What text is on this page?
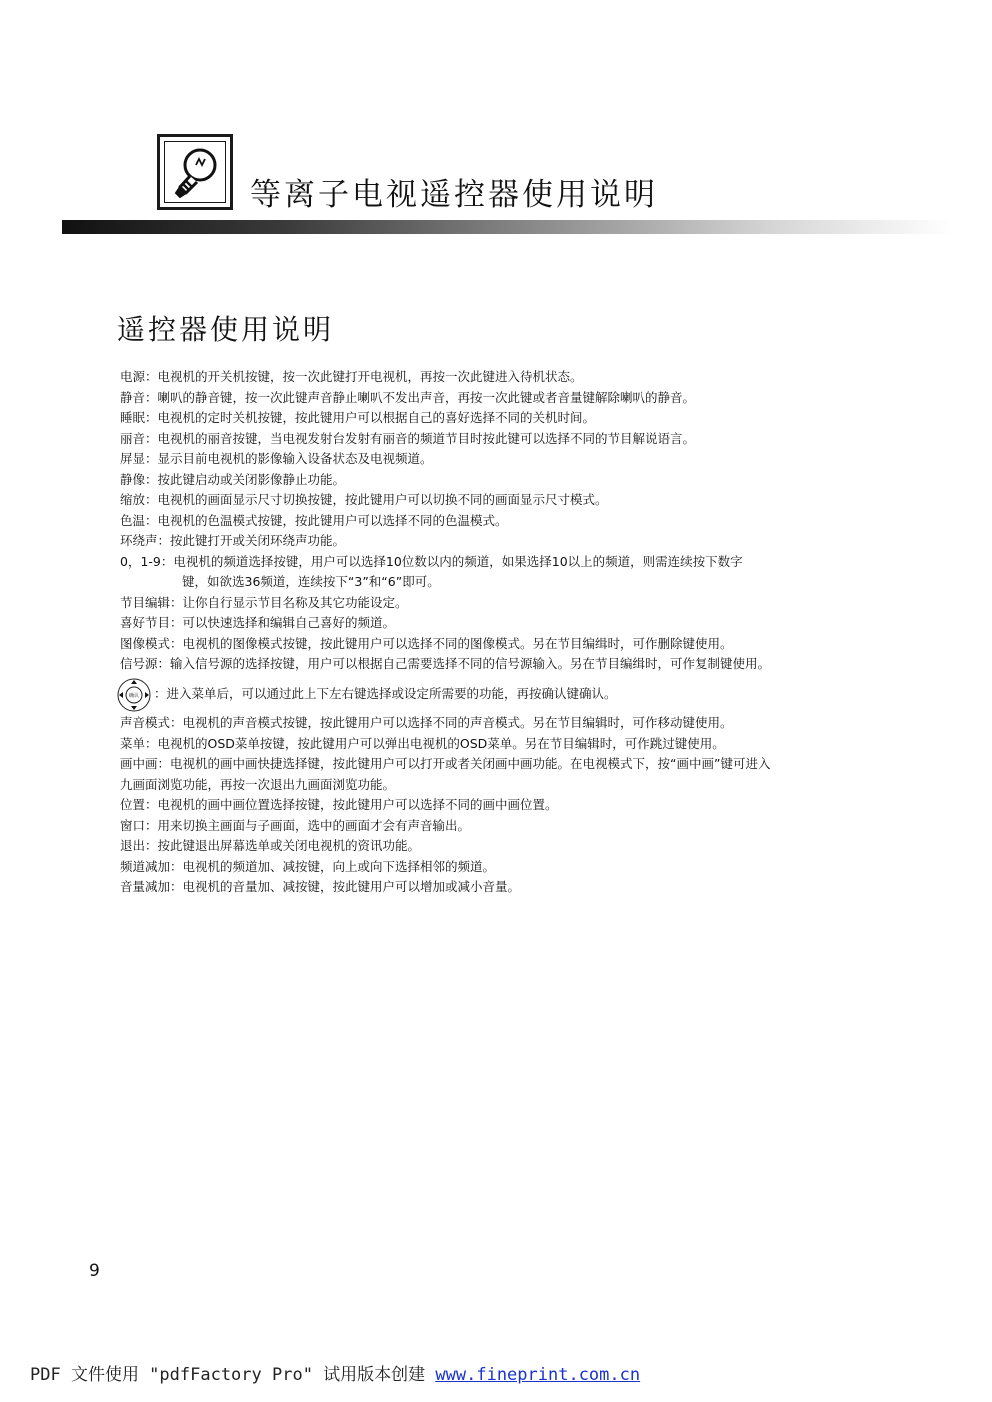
等离子电视遥控器使用说明
遥控器使用说明
电源：电视机的开关机按键，按一次此键打开电视机，再按一次此键进入待机状态。
静音：喇叭的静音键，按一次此键声音静止喇叭不发出声音，再按一次此键或者音量键解除喇叭的静音。
睡眠：电视机的定时关机按键，按此键用户可以根据自己的喜好选择不同的关机时间。
丽音：电视机的丽音按键，当电视发射台发射有丽音的频道节目时按此键可以选择不同的节目解说语言。
屏显：显示目前电视机的影像输入设备状态及电视频道。
静像：按此键启动或关闭影像静止功能。
缩放：电视机的画面显示尺寸切换按键，按此键用户可以切换不同的画面显示尺寸模式。
色温：电视机的色温模式按键，按此键用户可以选择不同的色温模式。
环绕声：按此键打开或关闭环绕声功能。
0，1-9：电视机的频道选择按键，用户可以选择10位数以内的频道，如果选择10以上的频道，则需连续按下数字
键，如欲选36频道，连续按下“3”和“6”即可。
节目编辑：让你自行显示节目名称及其它功能设定。
喜好节目：可以快速选择和编辑自己喜好的频道。
图像模式：电视机的图像模式按键，按此键用户可以选择不同的图像模式。另在节目编缉时，可作删除键使用。
信号源：输入信号源的选择按键，用户可以根据自己需要选择不同的信号源输入。另在节目编缉时，可作复制键使用。
确认 ：进入菜单后，可以通过此上下左右键选择或设定所需要的功能，再按确认键确认。
声音模式：电视机的声音模式按键，按此键用户可以选择不同的声音模式。另在节目编辑时，可作移动键使用。
菜单：电视机的OSD菜单按键，按此键用户可以弹出电视机的OSD菜单。另在节目编辑时，可作跳过键使用。
画中画：电视机的画中画快捷选择键，按此键用户可以打开或者关闭画中画功能。在电视模式下，按“画中画”键可进入
九画面浏览功能，再按一次退出九画面浏览功能。
位置：电视机的画中画位置选择按键，按此键用户可以选择不同的画中画位置。
窗口：用来切换主画面与子画面，选中的画面才会有声音输出。
退出：按此键退出屏幕选单或关闭电视机的资讯功能。
频道减加：电视机的频道加、减按键，向上或向下选择相邻的频道。
音量减加：电视机的音量加、减按键，按此键用户可以增加或减小音量。
9
PDF 文件使用 "pdfFactory Pro" 试用版本创建 www.fineprint.com.cn
